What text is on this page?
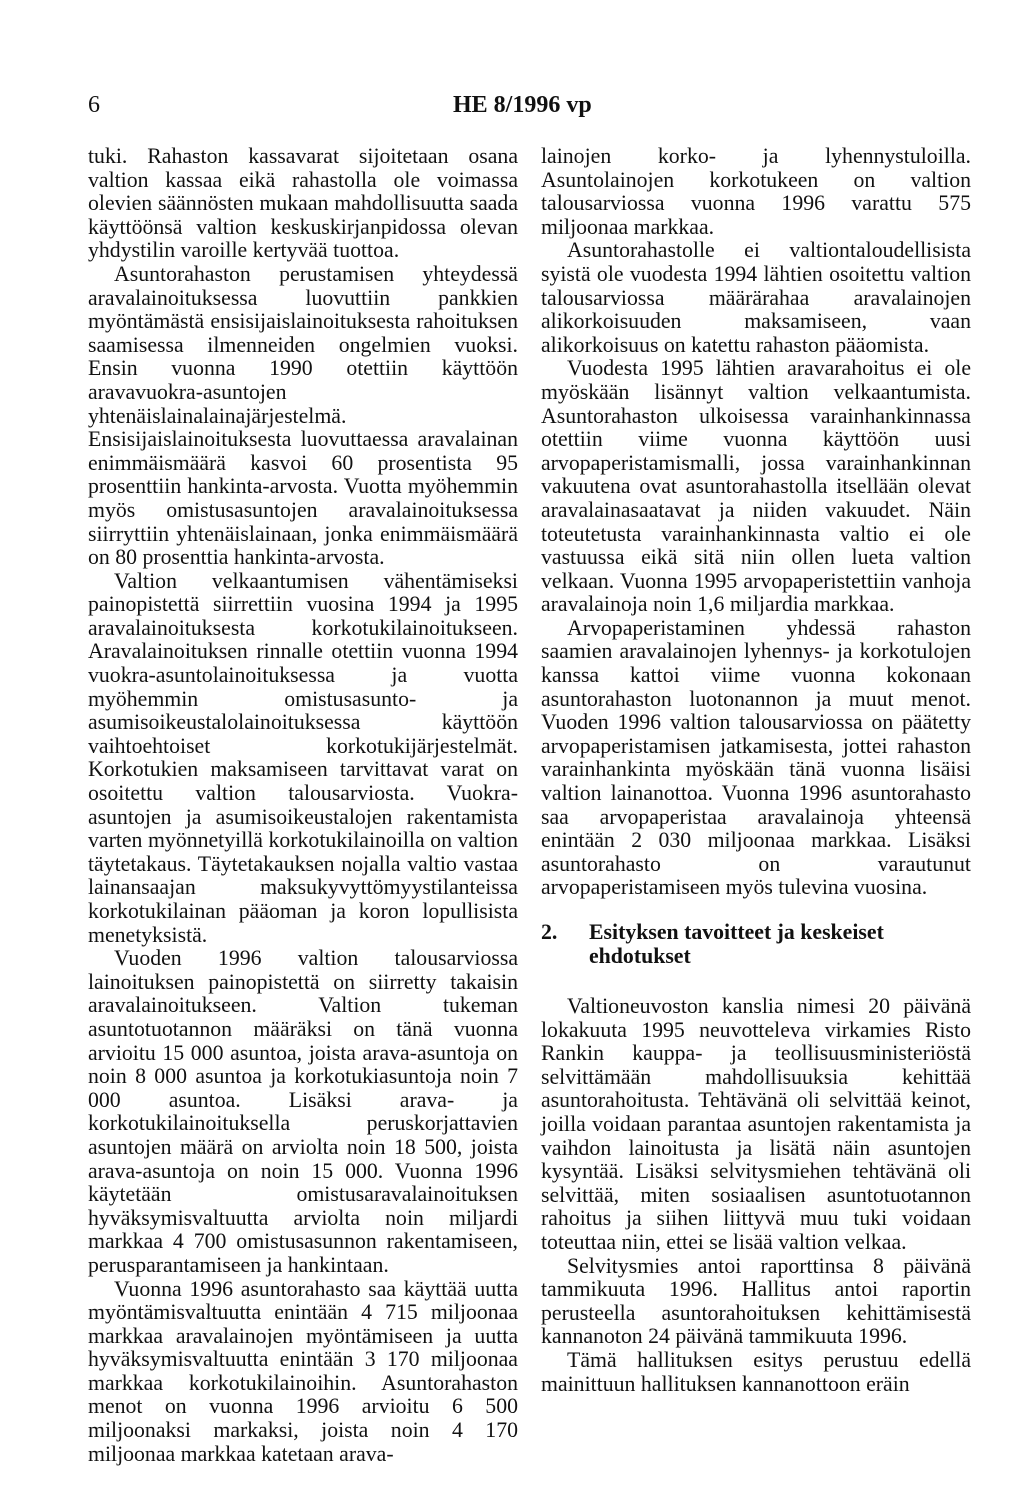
6	HE 8/1996 vp

tuki. Rahaston kassavarat sijoitetaan osana valtion kassaa eikä rahastolla ole voimassa olevien säännösten mukaan mahdollisuutta saada käyttöönsä valtion keskuskirjanpidossa olevan yhdystilin varoille kertyvää tuottoa.

Asuntorahaston perustamisen yhteydessä aravalainoituksessa luovuttiin pankkien myöntämästä ensisijaislainoituksesta rahoituksen saamisessa ilmenneiden ongelmien vuoksi. Ensin vuonna 1990 otettiin käyttöön aravavuokra-asuntojen yhtenäislainalainajärjestelmä. Ensisijaislainoituksesta luovuttaessa aravalainan enimmäismäärä kasvoi 60 prosentista 95 prosenttiin hankinta-arvosta. Vuotta myöhemmin myös omistusasuntojen aravalainoituksessa siirryttiin yhtenäislainaan, jonka enimmäismäärä on 80 prosenttia hankinta-arvosta.

Valtion velkaantumisen vähentämiseksi painopistettä siirrettiin vuosina 1994 ja 1995 aravalainoituksesta korkotukilainoitukseen. Aravalainoituksen rinnalle otettiin vuonna 1994 vuokra-asuntolainoituksessa ja vuotta myöhemmin omistusasunto- ja asumisoikeustalolainoituksessa käyttöön vaihtoehtoiset korkotukijärjestelmät. Korkotukien maksamiseen tarvittavat varat on osoitettu valtion talousarviosta. Vuokra-asuntojen ja asumisoikeustalojen rakentamista varten myönnetyillä korkotukilainoilla on valtion täytetakaus. Täytetakauksen nojalla valtio vastaa lainansaajan maksukyvyttömyystilanteissa korkotukilainan pääoman ja koron lopullisista menetyksistä.

Vuoden 1996 valtion talousarviossa lainoituksen painopistettä on siirretty takaisin aravalainoitukseen. Valtion tukeman asuntotuotannon määräksi on tänä vuonna arvioitu 15 000 asuntoa, joista arava-asuntoja on noin 8 000 asuntoa ja korkotukiasuntoja noin 7 000 asuntoa. Lisäksi arava- ja korkotukilainoituksella peruskorjattavien asuntojen määrä on arviolta noin 18 500, joista arava-asuntoja on noin 15 000. Vuonna 1996 käytetään omistusaravalainoituksen hyväksymisvaltuutta arviolta noin miljardi markkaa 4 700 omistusasunnon rakentamiseen, perusparantamiseen ja hankintaan.

Vuonna 1996 asuntorahasto saa käyttää uutta myöntämisvaltuutta enintään 4 715 miljoonaa markkaa aravalainojen myöntämiseen ja uutta hyväksymisvaltuutta enintään 3 170 miljoonaa markkaa korkotukilainoihin. Asuntorahaston menot on vuonna 1996 arvioitu 6 500 miljoonaksi markaksi, joista noin 4 170 miljoonaa markkaa katetaan arava-

lainojen korko- ja lyhennystuloilla. Asuntolainojen korkotukeen on valtion talousarviossa vuonna 1996 varattu 575 miljoonaa markkaa.

Asuntorahastolle ei valtiontaloudellisista syistä ole vuodesta 1994 lähtien osoitettu valtion talousarviossa määrärahaa aravalainojen alikorkoisuuden maksamiseen, vaan alikorkoisuus on katettu rahaston pääomista.

Vuodesta 1995 lähtien aravarahoitus ei ole myöskään lisännyt valtion velkaantumista. Asuntorahaston ulkoisessa varainhankinnassa otettiin viime vuonna käyttöön uusi arvopaperistamismalli, jossa varainhankinnan vakuutena ovat asuntorahastolla itsellään olevat aravalainasaatavat ja niiden vakuudet. Näin toteutetusta varainhankinnasta valtio ei ole vastuussa eikä sitä niin ollen lueta valtion velkaan. Vuonna 1995 arvopaperistettiin vanhoja aravalainoja noin 1,6 miljardia markkaa.

Arvopaperistaminen yhdessä rahaston saamien aravalainojen lyhennys- ja korkotulojen kanssa kattoi viime vuonna kokonaan asuntorahaston luotonannon ja muut menot. Vuoden 1996 valtion talousarviossa on päätetty arvopaperistamisen jatkamisesta, jottei rahaston varainhankinta myöskään tänä vuonna lisäisi valtion lainanottoa. Vuonna 1996 asuntorahasto saa arvopaperistaa aravalainoja yhteensä enintään 2 030 miljoonaa markkaa. Lisäksi asuntorahasto on varautunut arvopaperistamiseen myös tulevina vuosina.

2. Esityksen tavoitteet ja keskeiset ehdotukset

Valtioneuvoston kanslia nimesi 20 päivänä lokakuuta 1995 neuvotteleva virkamies Risto Rankin kauppa- ja teollisuusministeriöstä selvittämään mahdollisuuksia kehittää asuntorahoitusta. Tehtävänä oli selvittää keinot, joilla voidaan parantaa asuntojen rakentamista ja vaihdon lainoitusta ja lisätä näin asuntojen kysyntää. Lisäksi selvitysmiehen tehtävänä oli selvittää, miten sosiaalisen asuntotuotannon rahoitus ja siihen liittyvä muu tuki voidaan toteuttaa niin, ettei se lisää valtion velkaa.

Selvitysmies antoi raporttinsa 8 päivänä tammikuuta 1996. Hallitus antoi raportin perusteella asuntorahoituksen kehittämisestä kannanoton 24 päivänä tammikuuta 1996.

Tämä hallituksen esitys perustuu edellä mainittuun hallituksen kannanottoon eräin
